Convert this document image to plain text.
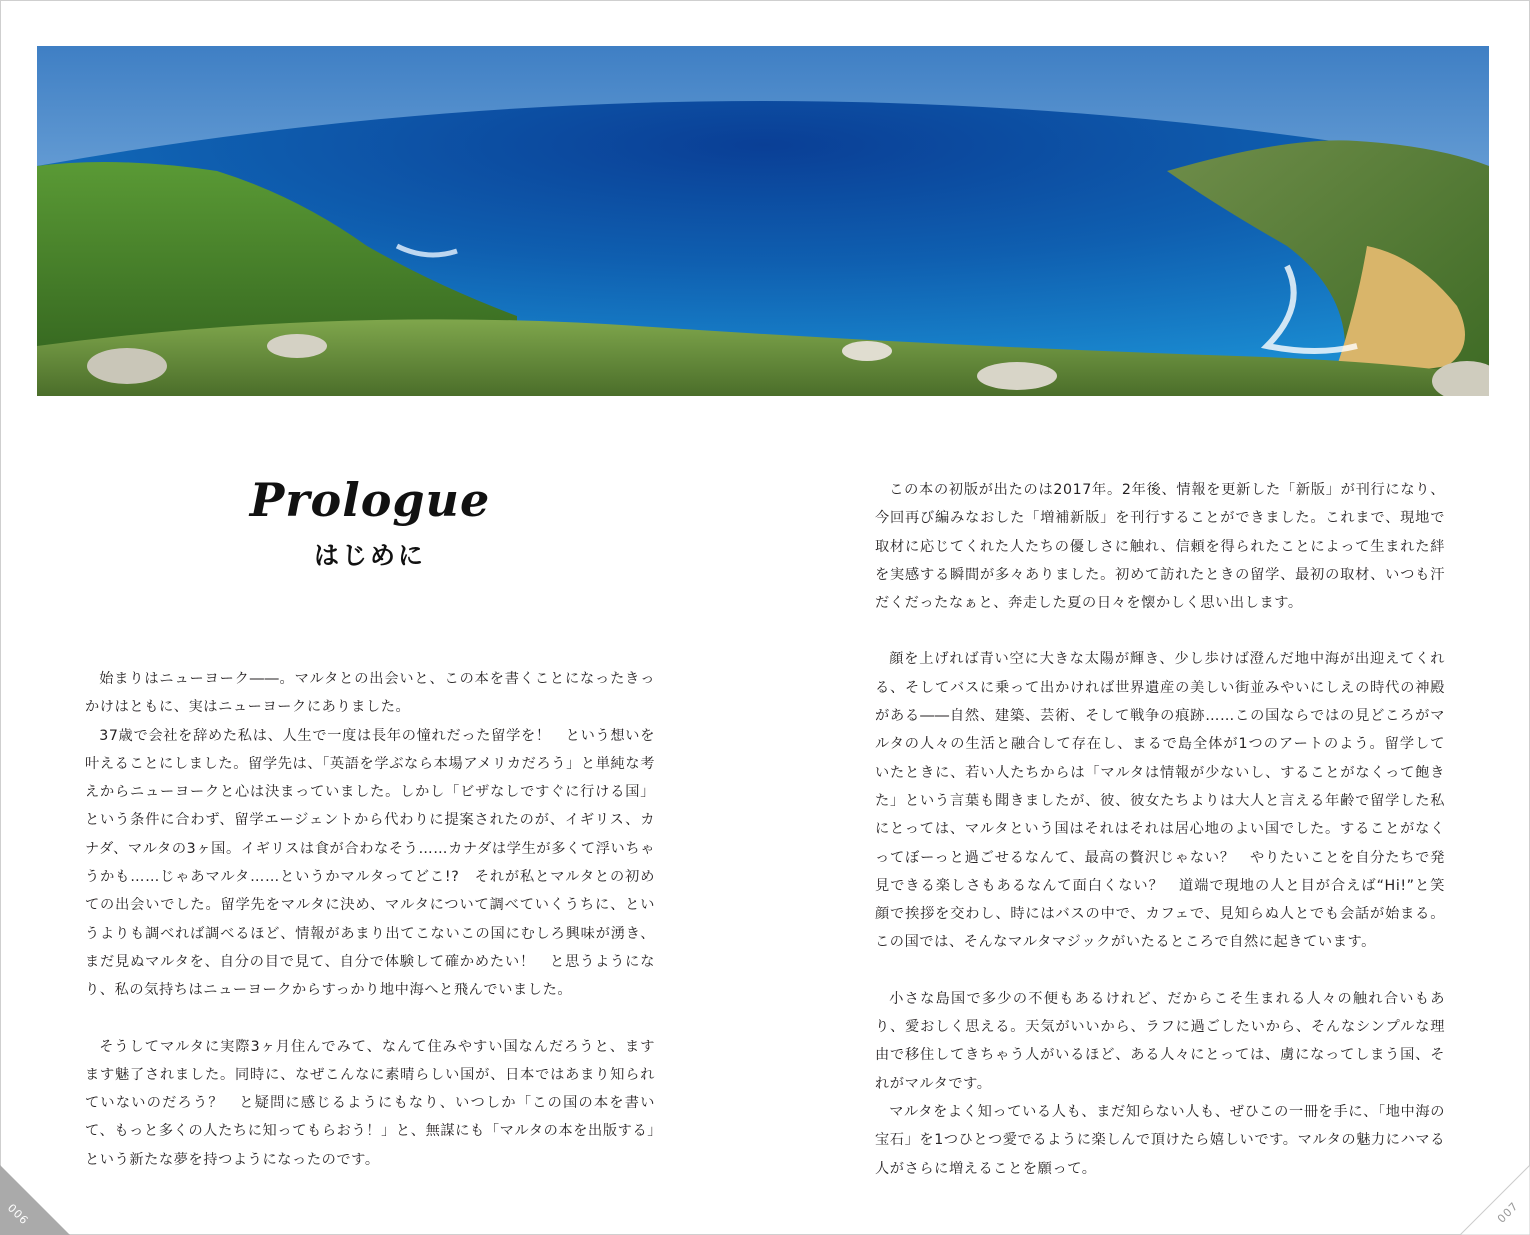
Prologue
はじめに

始まりはニューヨーク――。マルタとの出会いと、この本を書くことになったきっかけはともに、実はニューヨークにありました。

37歳で会社を辞めた私は、人生で一度は長年の憧れだった留学を！　という想いを叶えることにしました。留学先は、「英語を学ぶなら本場アメリカだろう」と単純な考えからニューヨークと心は決まっていました。しかし「ビザなしですぐに行ける国」という条件に合わず、留学エージェントから代わりに提案されたのが、イギリス、カナダ、マルタの3ヶ国。イギリスは食が合わなそう……カナダは学生が多くて浮いちゃうかも……じゃあマルタ……というかマルタってどこ!?　それが私とマルタとの初めての出会いでした。留学先をマルタに決め、マルタについて調べていくうちに、というよりも調べれば調べるほど、情報があまり出てこないこの国にむしろ興味が湧き、まだ見ぬマルタを、自分の目で見て、自分で体験して確かめたい！　と思うようになり、私の気持ちはニューヨークからすっかり地中海へと飛んでいました。

そうしてマルタに実際3ヶ月住んでみて、なんて住みやすい国なんだろうと、ますます魅了されました。同時に、なぜこんなに素晴らしい国が、日本ではあまり知られていないのだろう？　と疑問に感じるようにもなり、いつしか「この国の本を書いて、もっと多くの人たちに知ってもらおう！」と、無謀にも「マルタの本を出版する」という新たな夢を持つようになったのです。

この本の初版が出たのは2017年。2年後、情報を更新した「新版」が刊行になり、今回再び編みなおした「増補新版」を刊行することができました。これまで、現地で取材に応じてくれた人たちの優しさに触れ、信頼を得られたことによって生まれた絆を実感する瞬間が多々ありました。初めて訪れたときの留学、最初の取材、いつも汗だくだったなぁと、奔走した夏の日々を懐かしく思い出します。

顔を上げれば青い空に大きな太陽が輝き、少し歩けば澄んだ地中海が出迎えてくれる、そしてバスに乗って出かければ世界遺産の美しい街並みやいにしえの時代の神殿がある――自然、建築、芸術、そして戦争の痕跡……この国ならではの見どころがマルタの人々の生活と融合して存在し、まるで島全体が1つのアートのよう。留学していたときに、若い人たちからは「マルタは情報が少ないし、することがなくって飽きた」という言葉も聞きましたが、彼、彼女たちよりは大人と言える年齢で留学した私にとっては、マルタという国はそれはそれは居心地のよい国でした。することがなくってぼーっと過ごせるなんて、最高の贅沢じゃない？　やりたいことを自分たちで発見できる楽しさもあるなんて面白くない？　道端で現地の人と目が合えば“Hi!”と笑顔で挨拶を交わし、時にはバスの中で、カフェで、見知らぬ人とでも会話が始まる。この国では、そんなマルタマジックがいたるところで自然に起きています。

小さな島国で多少の不便もあるけれど、だからこそ生まれる人々の触れ合いもあり、愛おしく思える。天気がいいから、ラフに過ごしたいから、そんなシンプルな理由で移住してきちゃう人がいるほど、ある人々にとっては、虜になってしまう国、それがマルタです。

マルタをよく知っている人も、まだ知らない人も、ぜひこの一冊を手に、「地中海の宝石」を1つひとつ愛でるように楽しんで頂けたら嬉しいです。マルタの魅力にハマる人がさらに増えることを願って。

006	007
